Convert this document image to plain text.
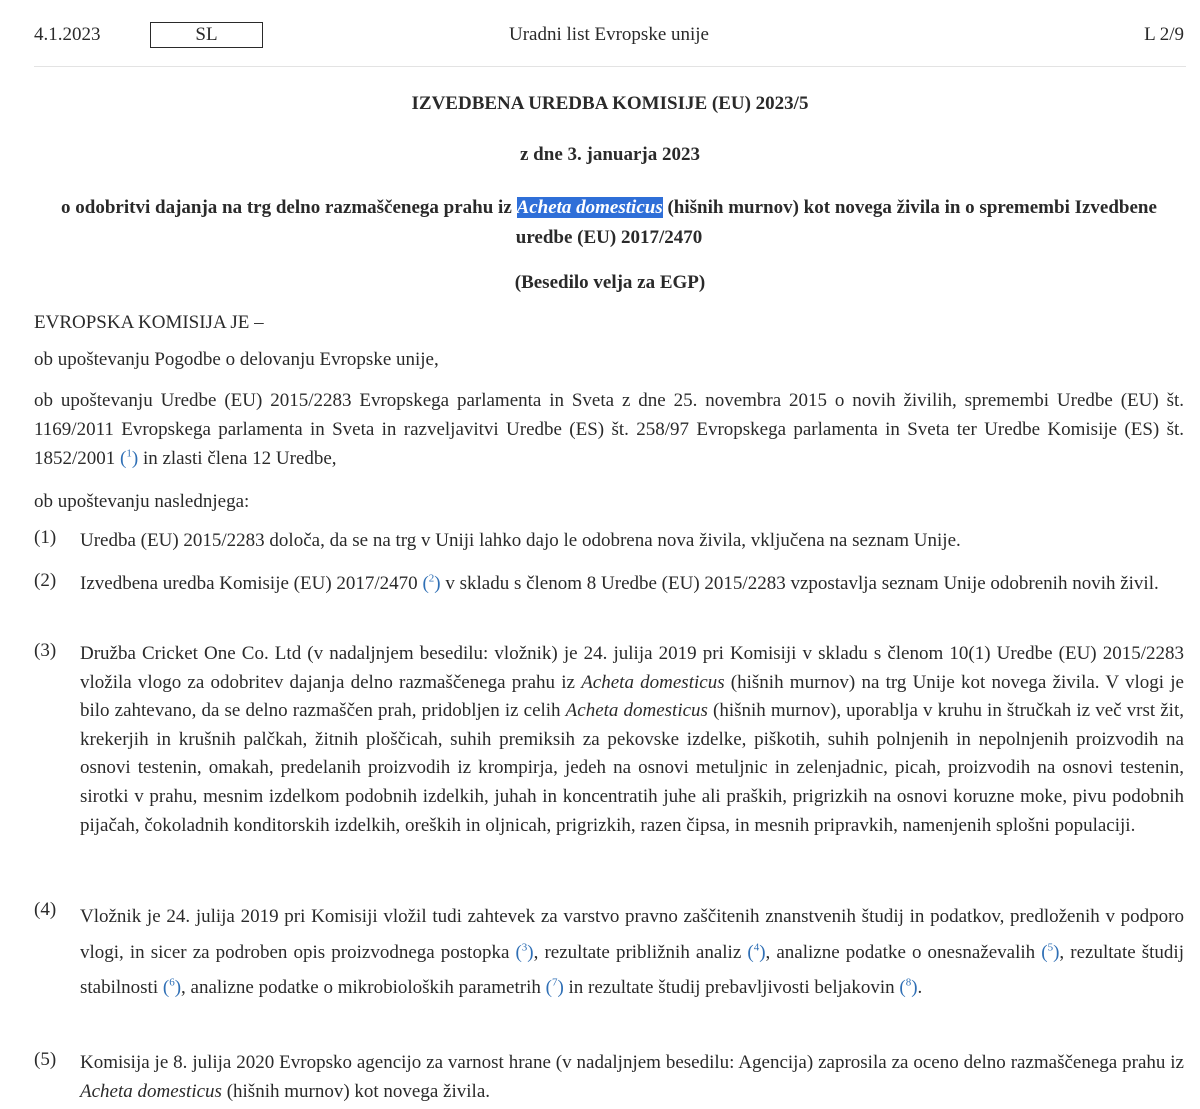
4.1.2023	SL	Uradni list Evropske unije	L 2/9
IZVEDBENA UREDBA KOMISIJE (EU) 2023/5
z dne 3. januarja 2023
o odobritvi dajanja na trg delno razmaščenega prahu iz Acheta domesticus (hišnih murnov) kot novega živila in o spremembi Izvedbene uredbe (EU) 2017/2470
(Besedilo velja za EGP)
EVROPSKA KOMISIJA JE –
ob upoštevanju Pogodbe o delovanju Evropske unije,
ob upoštevanju Uredbe (EU) 2015/2283 Evropskega parlamenta in Sveta z dne 25. novembra 2015 o novih živilih, spremembi Uredbe (EU) št. 1169/2011 Evropskega parlamenta in Sveta in razveljavitvi Uredbe (ES) št. 258/97 Evropskega parlamenta in Sveta ter Uredbe Komisije (ES) št. 1852/2001 ($^1$) in zlasti člena 12 Uredbe,
ob upoštevanju naslednjega:
(1) Uredba (EU) 2015/2283 določa, da se na trg v Uniji lahko dajo le odobrena nova živila, vključena na seznam Unije.
(2) Izvedbena uredba Komisije (EU) 2017/2470 ($^2$) v skladu s členom 8 Uredbe (EU) 2015/2283 vzpostavlja seznam Unije odobrenih novih živil.
(3) Družba Cricket One Co. Ltd (v nadaljnjem besedilu: vložnik) je 24. julija 2019 pri Komisiji v skladu s členom 10(1) Uredbe (EU) 2015/2283 vložila vlogo za odobritev dajanja delno razmaščenega prahu iz Acheta domesticus (hišnih murnov) na trg Unije kot novega živila. V vlogi je bilo zahtevano, da se delno razmaščen prah, pridobljen iz celih Acheta domesticus (hišnih murnov), uporablja v kruhu in štručkah iz več vrst žit, krekerjih in krušnih palčkah, žitnih ploščicah, suhih premiksih za pekovske izdelke, piškotih, suhih polnjenih in nepolnjenih proizvodih na osnovi testenin, omakah, predelanih proizvodih iz krompirja, jedeh na osnovi metuljnic in zelenjadnic, picah, proizvodih na osnovi testenin, sirotki v prahu, mesnim izdelkom podobnih izdelkih, juhah in koncentratih juhe ali praških, prigrizkih na osnovi koruzne moke, pivu podobnih pijačah, čokoladnih konditorskih izdelkih, oreških in oljnicah, prigrizkih, razen čipsa, in mesnih pripravkih, namenjenih splošni populaciji.
(4) Vložnik je 24. julija 2019 pri Komisiji vložil tudi zahtevek za varstvo pravno zaščitenih znanstvenih študij in podatkov, predloženih v podporo vlogi, in sicer za podroben opis proizvodnega postopka ($^3$), rezultate približnih analiz ($^4$), analizne podatke o onesnaževalih ($^5$), rezultate študij stabilnosti ($^6$), analizne podatke o mikrobioloških parametrih ($^7$) in rezultate študij prebavljivosti beljakovin ($^8$).
(5) Komisija je 8. julija 2020 Evropsko agencijo za varnost hrane (v nadaljnjem besedilu: Agencija) zaprosila za oceno delno razmaščenega prahu iz Acheta domesticus (hišnih murnov) kot novega živila.
